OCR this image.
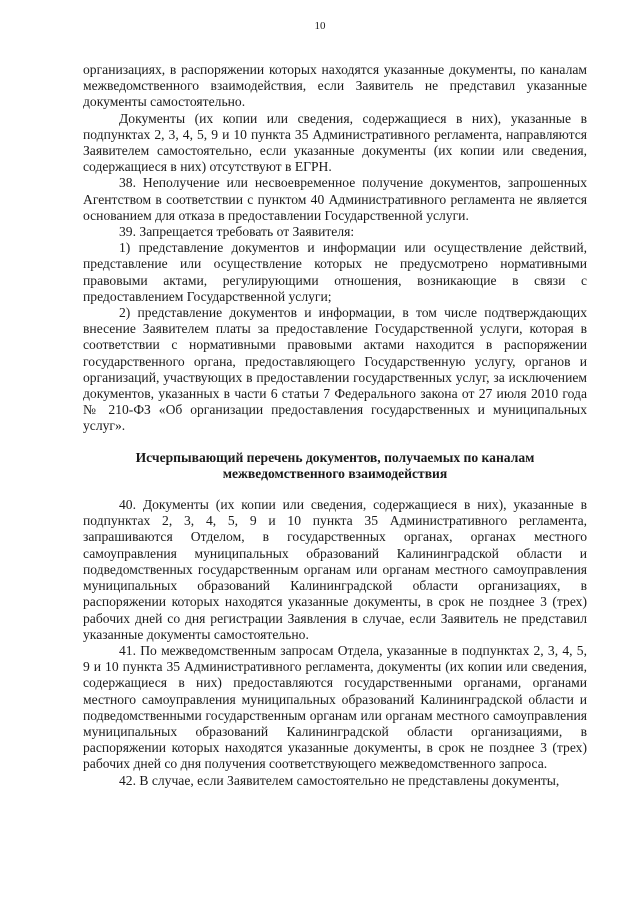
10

организациях, в распоряжении которых находятся указанные документы, по каналам межведомственного взаимодействия, если Заявитель не представил указанные документы самостоятельно.

Документы (их копии или сведения, содержащиеся в них), указанные в подпунктах 2, 3, 4, 5, 9 и 10 пункта 35 Административного регламента, направляются Заявителем самостоятельно, если указанные документы (их копии или сведения, содержащиеся в них) отсутствуют в ЕГРН.

38. Неполучение или несвоевременное получение документов, запрошенных Агентством в соответствии с пунктом 40 Административного регламента не является основанием для отказа в предоставлении Государственной услуги.

39. Запрещается требовать от Заявителя:

1) представление документов и информации или осуществление действий, представление или осуществление которых не предусмотрено нормативными правовыми актами, регулирующими отношения, возникающие в связи с предоставлением Государственной услуги;

2) представление документов и информации, в том числе подтверждающих внесение Заявителем платы за предоставление Государственной услуги, которая в соответствии с нормативными правовыми актами находится в распоряжении государственного органа, предоставляющего Государственную услугу, органов и организаций, участвующих в предоставлении государственных услуг, за исключением документов, указанных в части 6 статьи 7 Федерального закона от 27 июля 2010 года № 210-ФЗ «Об организации предоставления государственных и муниципальных услуг».

Исчерпывающий перечень документов, получаемых по каналам межведомственного взаимодействия

40. Документы (их копии или сведения, содержащиеся в них), указанные в подпунктах 2, 3, 4, 5, 9 и 10 пункта 35 Административного регламента, запрашиваются Отделом, в государственных органах, органах местного самоуправления муниципальных образований Калининградской области и подведомственных государственным органам или органам местного самоуправления муниципальных образований Калининградской области организациях, в распоряжении которых находятся указанные документы, в срок не позднее 3 (трех) рабочих дней со дня регистрации Заявления в случае, если Заявитель не представил указанные документы самостоятельно.

41. По межведомственным запросам Отдела, указанные в подпунктах 2, 3, 4, 5, 9 и 10 пункта 35 Административного регламента, документы (их копии или сведения, содержащиеся в них) предоставляются государственными органами, органами местного самоуправления муниципальных образований Калининградской области и подведомственными государственным органам или органам местного самоуправления муниципальных образований Калининградской области организациями, в распоряжении которых находятся указанные документы, в срок не позднее 3 (трех) рабочих дней со дня получения соответствующего межведомственного запроса.

42. В случае, если Заявителем самостоятельно не представлены документы,
